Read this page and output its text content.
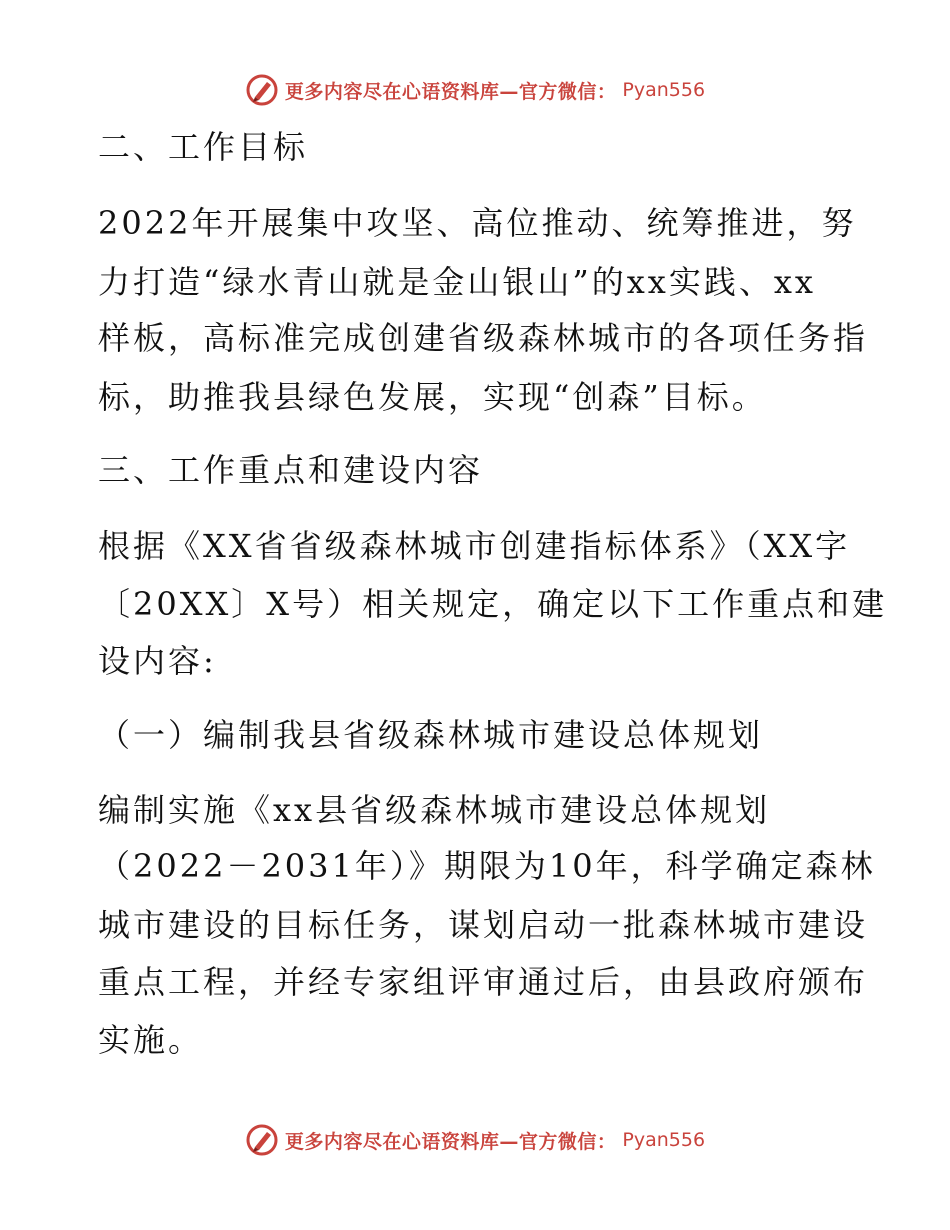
更多内容尽在心语资料库—官方微信： Pyan556
二、工作目标
2022年开展集中攻坚、高位推动、统筹推进，努
力打造“绿水青山就是金山银山”的xx实践、xx
样板，高标准完成创建省级森林城市的各项任务指
标，助推我县绿色发展，实现“创森”目标。
三、工作重点和建设内容
根据《XX省省级森林城市创建指标体系》（XX字
〔20XX〕X号）相关规定，确定以下工作重点和建
设内容:
（一）编制我县省级森林城市建设总体规划
编制实施《xx县省级森林城市建设总体规划
（2022－2031年）》期限为10年，科学确定森林
城市建设的目标任务，谋划启动一批森林城市建设
重点工程，并经专家组评审通过后，由县政府颁布
实施。
更多内容尽在心语资料库—官方微信： Pyan556
